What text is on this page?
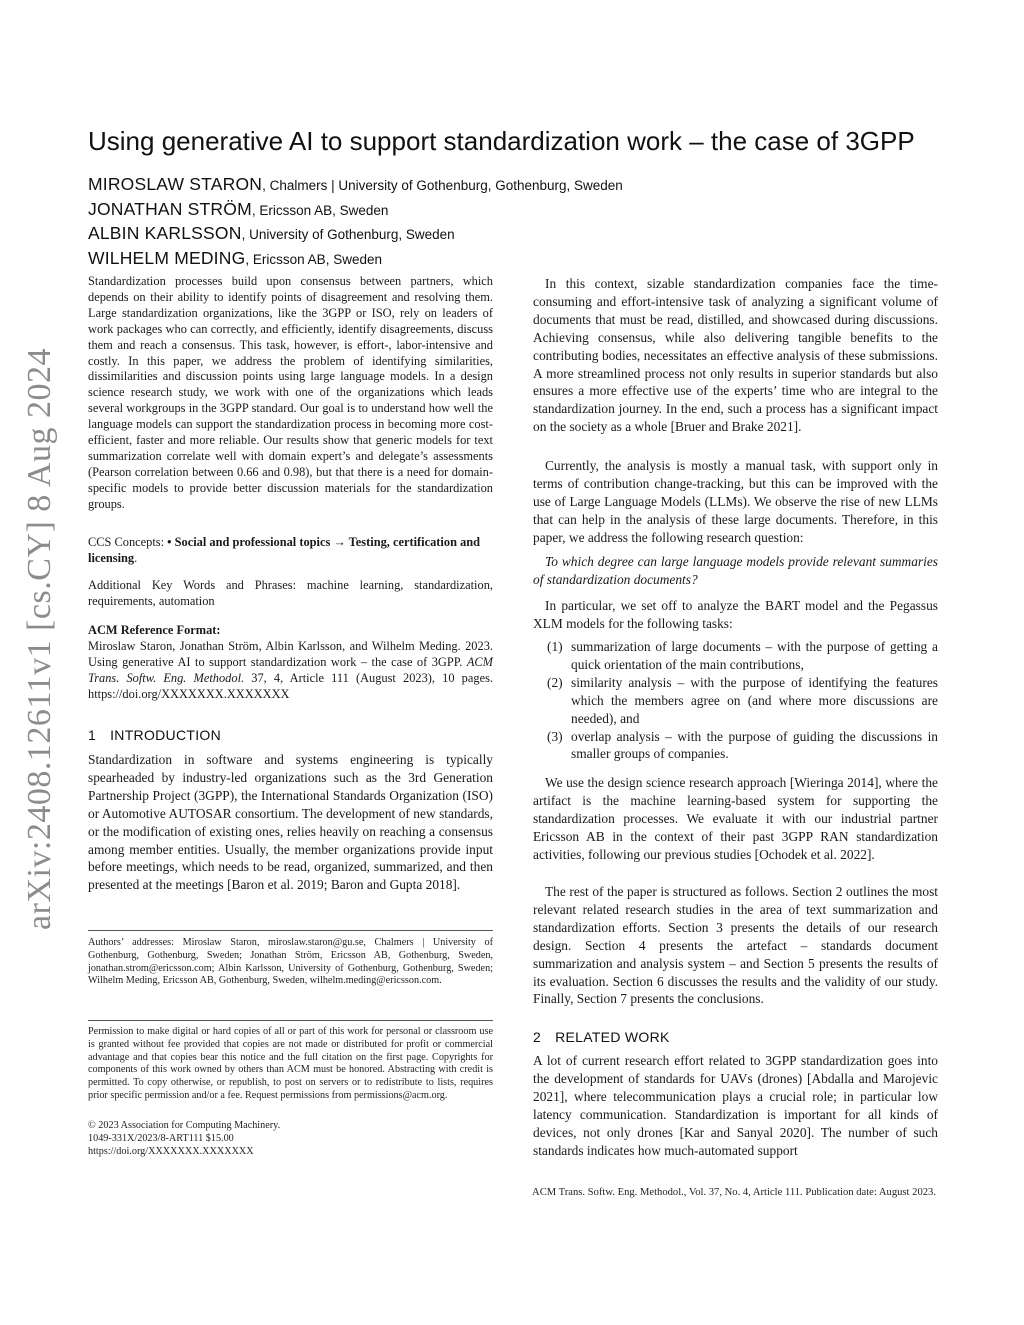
arXiv:2408.12611v1 [cs.CY] 8 Aug 2024
Using generative AI to support standardization work – the case of 3GPP
MIROSLAW STARON, Chalmers | University of Gothenburg, Gothenburg, Sweden
JONATHAN STRÖM, Ericsson AB, Sweden
ALBIN KARLSSON, University of Gothenburg, Sweden
WILHELM MEDING, Ericsson AB, Sweden

Standardization processes build upon consensus between partners, which depends on their ability to identify points of disagreement and resolving them. Large standardization organizations, like the 3GPP or ISO, rely on leaders of work packages who can correctly, and efficiently, identify disagreements, discuss them and reach a consensus. This task, however, is effort-, labor-intensive and costly. In this paper, we address the problem of identifying similarities, dissimilarities and discussion points using large language models. In a design science research study, we work with one of the organizations which leads several workgroups in the 3GPP standard. Our goal is to understand how well the language models can support the standardization process in becoming more cost-efficient, faster and more reliable. Our results show that generic models for text summarization correlate well with domain expert’s and delegate’s assessments (Pearson correlation between 0.66 and 0.98), but that there is a need for domain-specific models to provide better discussion materials for the standardization groups.

CCS Concepts: • Social and professional topics → Testing, certification and licensing.

Additional Key Words and Phrases: machine learning, standardization, requirements, automation

ACM Reference Format:

Miroslaw Staron, Jonathan Ström, Albin Karlsson, and Wilhelm Meding. 2023. Using generative AI to support standardization work – the case of 3GPP. ACM Trans. Softw. Eng. Methodol. 37, 4, Article 111 (August 2023), 10 pages. https://doi.org/XXXXXXX.XXXXXXX

1 INTRODUCTION

Standardization in software and systems engineering is typically spearheaded by industry-led organizations such as the 3rd Generation Partnership Project (3GPP), the International Standards Organization (ISO) or Automotive AUTOSAR consortium. The development of new standards, or the modification of existing ones, relies heavily on reaching a consensus among member entities. Usually, the member organizations provide input before meetings, which needs to be read, organized, summarized, and then presented at the meetings [Baron et al. 2019; Baron and Gupta 2018].

Authors’ addresses: Miroslaw Staron, miroslaw.staron@gu.se, Chalmers | University of Gothenburg, Gothenburg, Sweden; Jonathan Ström, Ericsson AB, Gothenburg, Sweden, jonathan.strom@ericsson.com; Albin Karlsson, University of Gothenburg, Gothenburg, Sweden; Wilhelm Meding, Ericsson AB, Gothenburg, Sweden, wilhelm.meding@ericsson.com.

Permission to make digital or hard copies of all or part of this work for personal or classroom use is granted without fee provided that copies are not made or distributed for profit or commercial advantage and that copies bear this notice and the full citation on the first page. Copyrights for components of this work owned by others than ACM must be honored. Abstracting with credit is permitted. To copy otherwise, or republish, to post on servers or to redistribute to lists, requires prior specific permission and/or a fee. Request permissions from permissions@acm.org.

© 2023 Association for Computing Machinery.

1049-331X/2023/8-ART111 $15.00

https://doi.org/XXXXXXX.XXXXXXX

In this context, sizable standardization companies face the time-consuming and effort-intensive task of analyzing a significant volume of documents that must be read, distilled, and showcased during discussions. Achieving consensus, while also delivering tangible benefits to the contributing bodies, necessitates an effective analysis of these submissions. A more streamlined process not only results in superior standards but also ensures a more effective use of the experts’ time who are integral to the standardization journey. In the end, such a process has a significant impact on the society as a whole [Bruer and Brake 2021].

Currently, the analysis is mostly a manual task, with support only in terms of contribution change-tracking, but this can be improved with the use of Large Language Models (LLMs). We observe the rise of new LLMs that can help in the analysis of these large documents. Therefore, in this paper, we address the following research question:

To which degree can large language models provide relevant summaries of standardization documents?

In particular, we set off to analyze the BART model and the Pegassus XLM models for the following tasks:

(1) summarization of large documents – with the purpose of getting a quick orientation of the main contributions,
(2) similarity analysis – with the purpose of identifying the features which the members agree on (and where more discussions are needed), and
(3) overlap analysis – with the purpose of guiding the discussions in smaller groups of companies.

We use the design science research approach [Wieringa 2014], where the artifact is the machine learning-based system for supporting the standardization processes. We evaluate it with our industrial partner Ericsson AB in the context of their past 3GPP RAN standardization activities, following our previous studies [Ochodek et al. 2022].

The rest of the paper is structured as follows. Section 2 outlines the most relevant related research studies in the area of text summarization and standardization efforts. Section 3 presents the details of our research design. Section 4 presents the artefact – standards document summarization and analysis system – and Section 5 presents the results of its evaluation. Section 6 discusses the results and the validity of our study. Finally, Section 7 presents the conclusions.

2 RELATED WORK

A lot of current research effort related to 3GPP standardization goes into the development of standards for UAVs (drones) [Abdalla and Marojevic 2021], where telecommunication plays a crucial role; in particular low latency communication. Standardization is important for all kinds of devices, not only drones [Kar and Sanyal 2020]. The number of such standards indicates how much-automated support

ACM Trans. Softw. Eng. Methodol., Vol. 37, No. 4, Article 111. Publication date: August 2023.
